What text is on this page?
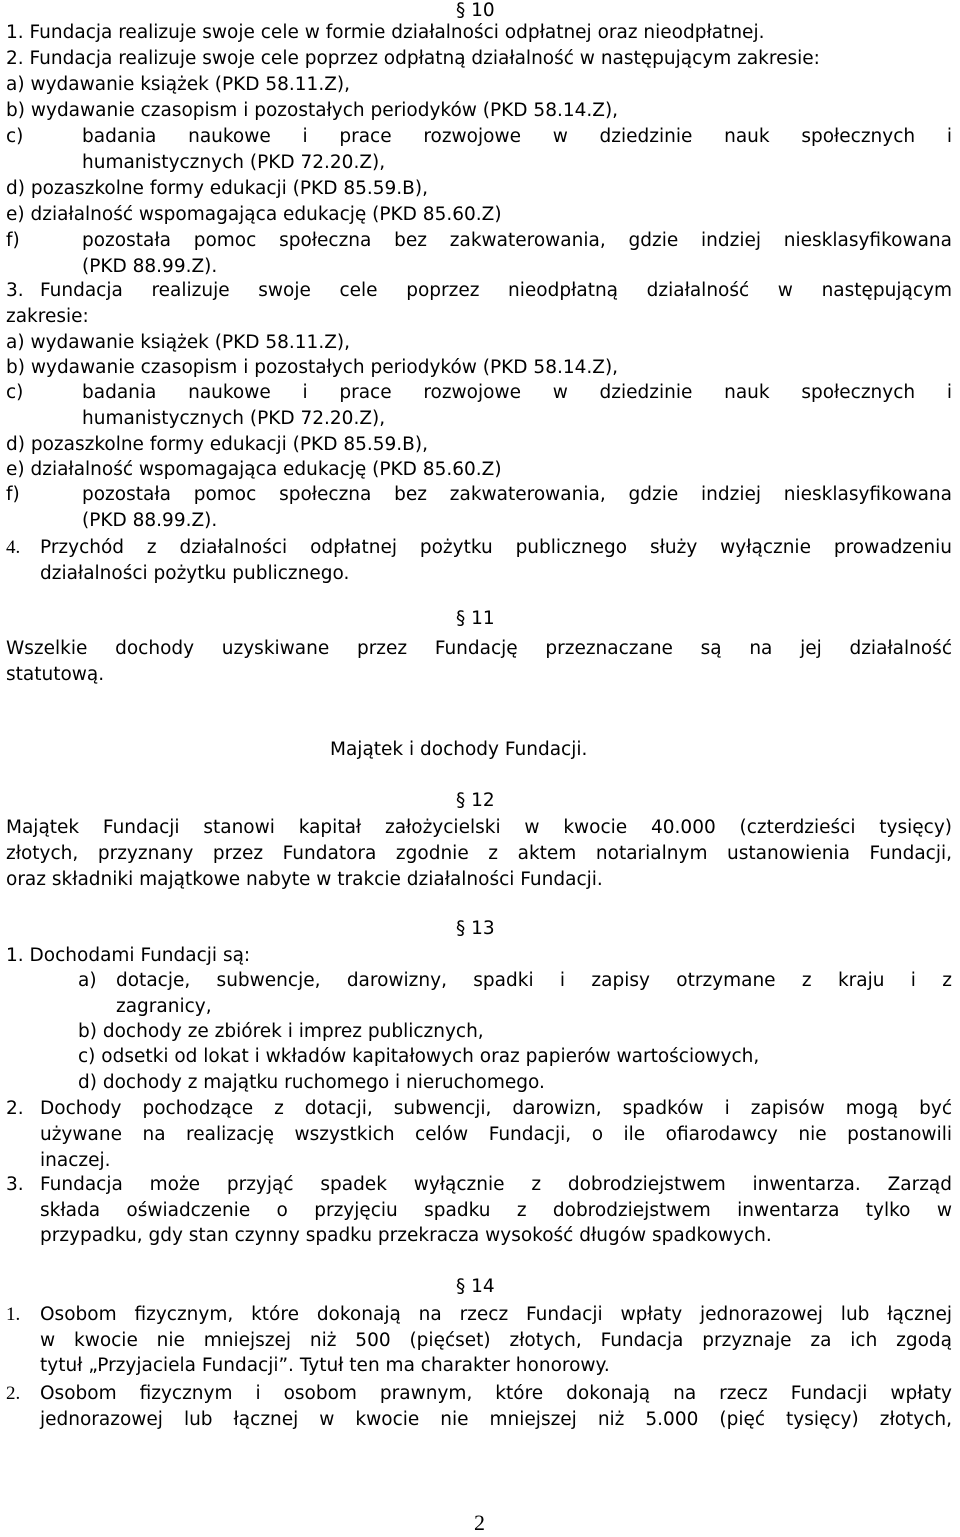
§ 10
1. Fundacja realizuje swoje cele w formie działalności odpłatnej oraz nieodpłatnej.
2. Fundacja realizuje swoje cele poprzez odpłatną działalność w następującym zakresie:
a) wydawanie książek (PKD 58.11.Z),
b) wydawanie czasopism i pozostałych periodyków (PKD 58.14.Z),
c)	badania naukowe i prace rozwojowe w dziedzinie nauk społecznych i
humanistycznych (PKD 72.20.Z),
d) pozaszkolne formy edukacji (PKD 85.59.B),
e) działalność wspomagająca edukację (PKD 85.60.Z)
f)	pozostała pomoc społeczna bez zakwaterowania, gdzie indziej niesklasyfikowana
(PKD 88.99.Z).
3. Fundacja realizuje swoje cele poprzez nieodpłatną działalność w następującym
zakresie:
a) wydawanie książek (PKD 58.11.Z),
b) wydawanie czasopism i pozostałych periodyków (PKD 58.14.Z),
c)	badania naukowe i prace rozwojowe w dziedzinie nauk społecznych i
humanistycznych (PKD 72.20.Z),
d) pozaszkolne formy edukacji (PKD 85.59.B),
e) działalność wspomagająca edukację (PKD 85.60.Z)
f)	pozostała pomoc społeczna bez zakwaterowania, gdzie indziej niesklasyfikowana
(PKD 88.99.Z).
4. Przychód z działalności odpłatnej pożytku publicznego służy wyłącznie prowadzeniu
działalności pożytku publicznego.
§ 11
Wszelkie dochody uzyskiwane przez Fundację przeznaczane są na jej działalność
statutową.
Majątek i dochody Fundacji.
§ 12
Majątek Fundacji stanowi kapitał założycielski w kwocie 40.000 (czterdzieści tysięcy)
złotych, przyznany przez Fundatora zgodnie z aktem notarialnym ustanowienia Fundacji,
oraz składniki majątkowe nabyte w trakcie działalności Fundacji.
§ 13
1. Dochodami Fundacji są:
a) dotacje, subwencje, darowizny, spadki i zapisy otrzymane z kraju i z
zagranicy,
b) dochody ze zbiórek i imprez publicznych,
c) odsetki od lokat i wkładów kapitałowych oraz papierów wartościowych,
d) dochody z majątku ruchomego i nieruchomego.
2. Dochody pochodzące z dotacji, subwencji, darowizn, spadków i zapisów mogą być
używane na realizację wszystkich celów Fundacji, o ile ofiarodawcy nie postanowili
inaczej.
3. Fundacja może przyjąć spadek wyłącznie z dobrodziejstwem inwentarza. Zarząd
składa oświadczenie o przyjęciu spadku z dobrodziejstwem inwentarza tylko w
przypadku, gdy stan czynny spadku przekracza wysokość długów spadkowych.
§ 14
1. Osobom fizycznym, które dokonają na rzecz Fundacji wpłaty jednorazowej lub łącznej
w kwocie nie mniejszej niż 500 (pięćset) złotych, Fundacja przyznaje za ich zgodą
tytuł „Przyjaciela Fundacji”. Tytuł ten ma charakter honorowy.
2. Osobom fizycznym i osobom prawnym, które dokonają na rzecz Fundacji wpłaty
jednorazowej lub łącznej w kwocie nie mniejszej niż 5.000 (pięć tysięcy) złotych,
2
